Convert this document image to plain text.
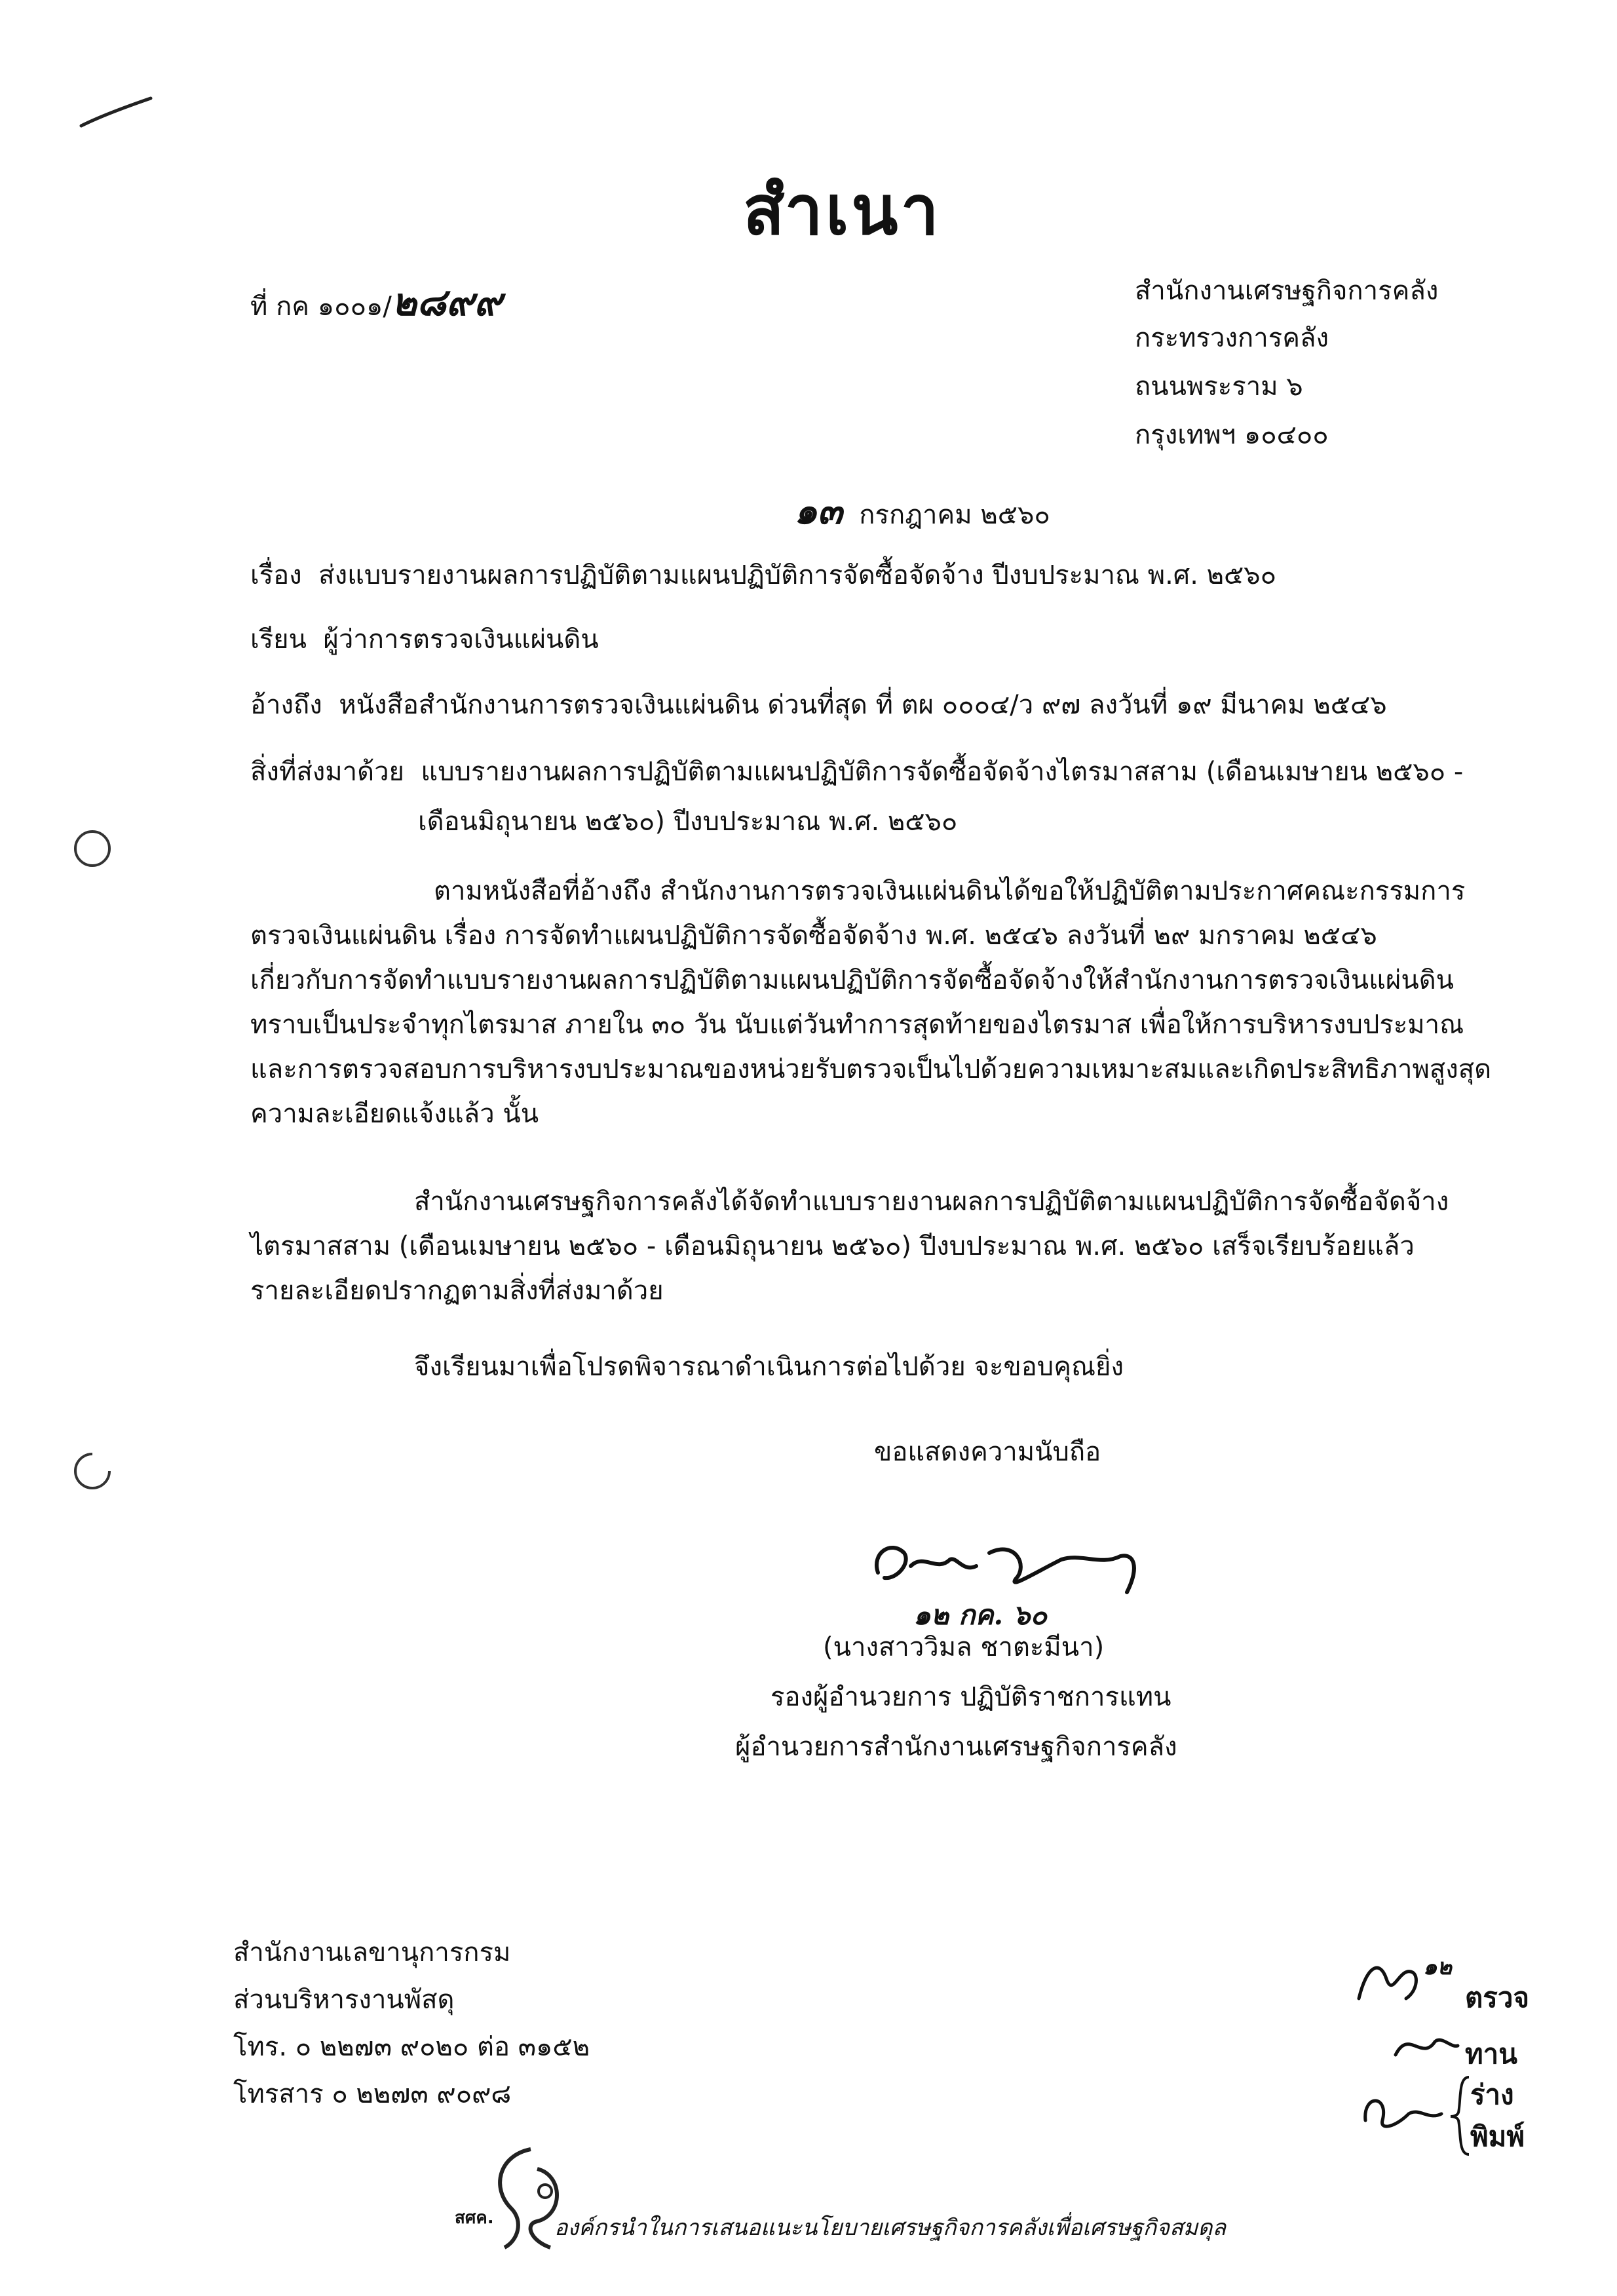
สำเนา
ที่ กค ๑๐๐๑/๒๘๙๙	สำนักงานเศรษฐกิจการคลัง
กระทรวงการคลัง
ถนนพระราม ๖
กรุงเทพฯ ๑๐๔๐๐
๑๓ กรกฎาคม ๒๕๖๐
เรื่อง ส่งแบบรายงานผลการปฏิบัติตามแผนปฏิบัติการจัดซื้อจัดจ้าง ปีงบประมาณ พ.ศ. ๒๕๖๐
เรียน ผู้ว่าการตรวจเงินแผ่นดิน
อ้างถึง หนังสือสำนักงานการตรวจเงินแผ่นดิน ด่วนที่สุด ที่ ตผ ๐๐๐๔/ว ๙๗ ลงวันที่ ๑๙ มีนาคม ๒๕๔๖
สิ่งที่ส่งมาด้วย แบบรายงานผลการปฏิบัติตามแผนปฏิบัติการจัดซื้อจัดจ้างไตรมาสสาม (เดือนเมษายน ๒๕๖๐ -
เดือนมิถุนายน ๒๕๖๐) ปีงบประมาณ พ.ศ. ๒๕๖๐
ตามหนังสือที่อ้างถึง สำนักงานการตรวจเงินแผ่นดินได้ขอให้ปฏิบัติตามประกาศคณะกรรมการ
ตรวจเงินแผ่นดิน เรื่อง การจัดทำแผนปฏิบัติการจัดซื้อจัดจ้าง พ.ศ. ๒๕๔๖ ลงวันที่ ๒๙ มกราคม ๒๕๔๖
เกี่ยวกับการจัดทำแบบรายงานผลการปฏิบัติตามแผนปฏิบัติการจัดซื้อจัดจ้างให้สำนักงานการตรวจเงินแผ่นดิน
ทราบเป็นประจำทุกไตรมาส ภายใน ๓๐ วัน นับแต่วันทำการสุดท้ายของไตรมาส เพื่อให้การบริหารงบประมาณ
และการตรวจสอบการบริหารงบประมาณของหน่วยรับตรวจเป็นไปด้วยความเหมาะสมและเกิดประสิทธิภาพสูงสุด
ความละเอียดแจ้งแล้ว นั้น
สำนักงานเศรษฐกิจการคลังได้จัดทำแบบรายงานผลการปฏิบัติตามแผนปฏิบัติการจัดซื้อจัดจ้าง
ไตรมาสสาม (เดือนเมษายน ๒๕๖๐ - เดือนมิถุนายน ๒๕๖๐) ปีงบประมาณ พ.ศ. ๒๕๖๐ เสร็จเรียบร้อยแล้ว
รายละเอียดปรากฏตามสิ่งที่ส่งมาด้วย
จึงเรียนมาเพื่อโปรดพิจารณาดำเนินการต่อไปด้วย จะขอบคุณยิ่ง
ขอแสดงความนับถือ
๑๒ กค. ๖๐
(นางสาววิมล ชาตะมีนา)
รองผู้อำนวยการ ปฏิบัติราชการแทน
ผู้อำนวยการสำนักงานเศรษฐกิจการคลัง
สำนักงานเลขานุการกรม
ส่วนบริหารงานพัสดุ
โทร. ๐ ๒๒๗๓ ๙๐๒๐ ต่อ ๓๑๕๒
โทรสาร ๐ ๒๒๗๓ ๙๐๙๘
๑๒
ตรวจ
ทาน
ร่าง
พิมพ์
สศค.	องค์กรนำในการเสนอแนะนโยบายเศรษฐกิจการคลังเพื่อเศรษฐกิจสมดุล
